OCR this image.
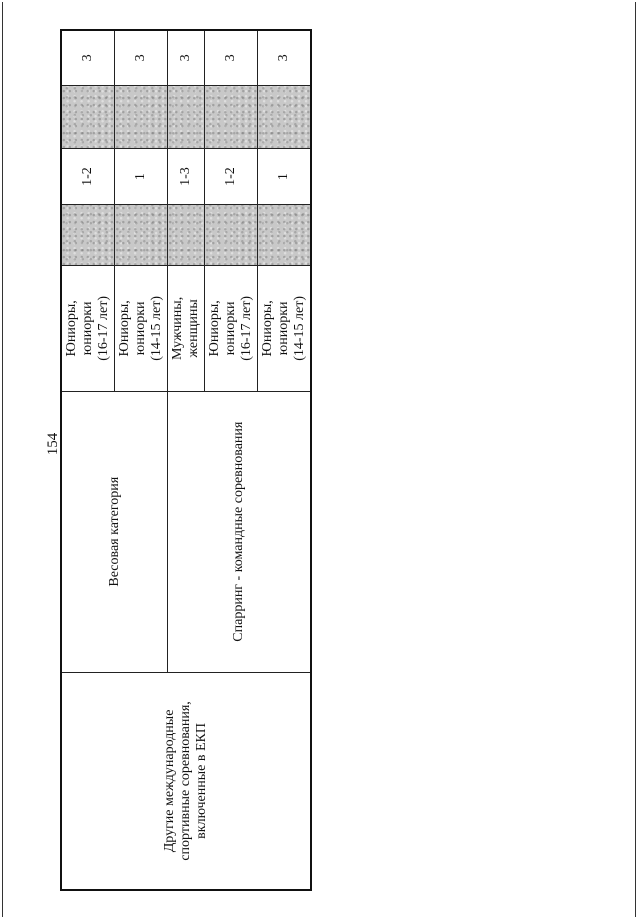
154
Другие международные спортивные соревнования, включенные в ЕКП	Весовая категория	Юниоры, юниорки (16-17 лет)		1-2		3

		Юниоры, юниорки (14-15 лет)		1		3
	Спарринг - командные соревнования	Мужчины, женщины		1-3		3

		Юниоры, юниорки (16-17 лет)		1-2		3

		Юниоры, юниорки (14-15 лет)		1		3
